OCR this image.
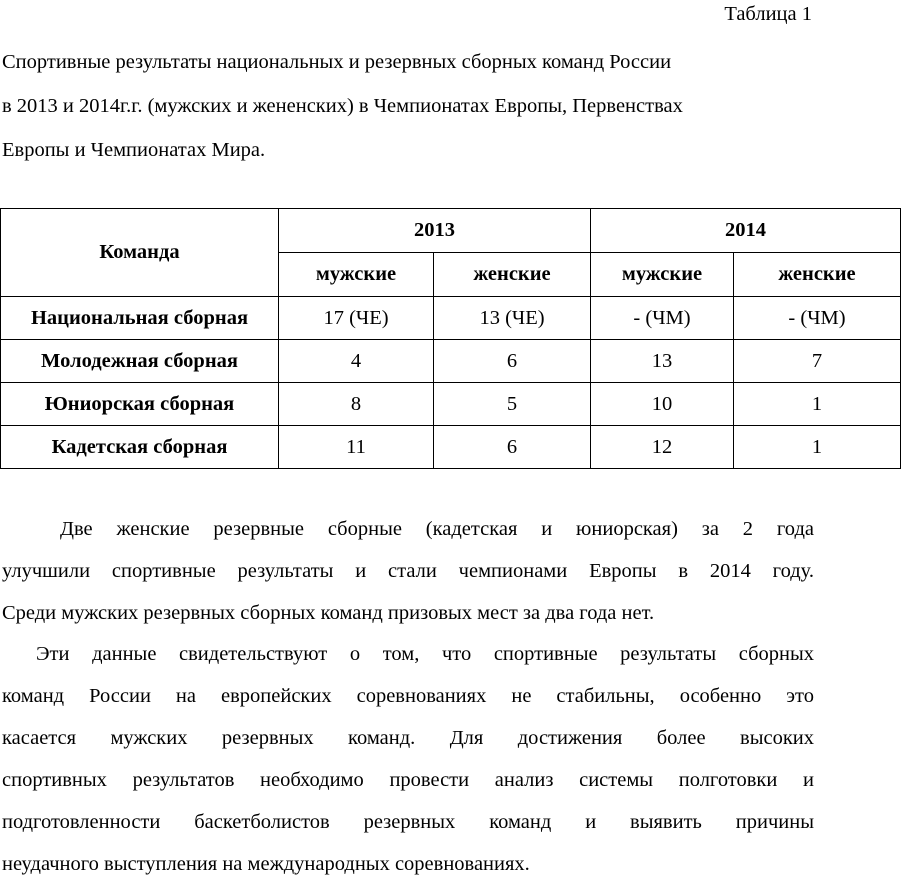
Таблица 1
Спортивные результаты национальных и резервных сборных команд России
в 2013 и 2014г.г. (мужских и жененских) в Чемпионатах Европы, Первенствах
Европы и Чемпионатах Мира.
Команда	2013		2014	
	мужские	женские	мужские	женские
Национальная сборная	17 (ЧЕ)	13 (ЧЕ)	- (ЧМ)	- (ЧМ)
Молодежная сборная	4	6	13	7
Юниорская сборная	8	5	10	1
Кадетская сборная	11	6	12	1
Две женские резервные сборные (кадетская и юниорская) за 2 года
улучшили спортивные результаты и стали чемпионами Европы в 2014 году.
Среди мужских резервных сборных команд призовых мест за два года нет.
Эти данные свидетельствуют о том, что спортивные результаты сборных
команд России на европейских соревнованиях не стабильны, особенно это
касается мужских резервных команд. Для достижения более высоких
спортивных результатов необходимо провести анализ системы полготовки и
подготовленности баскетболистов резервных команд и выявить причины
неудачного выступления на международных соревнованиях.
